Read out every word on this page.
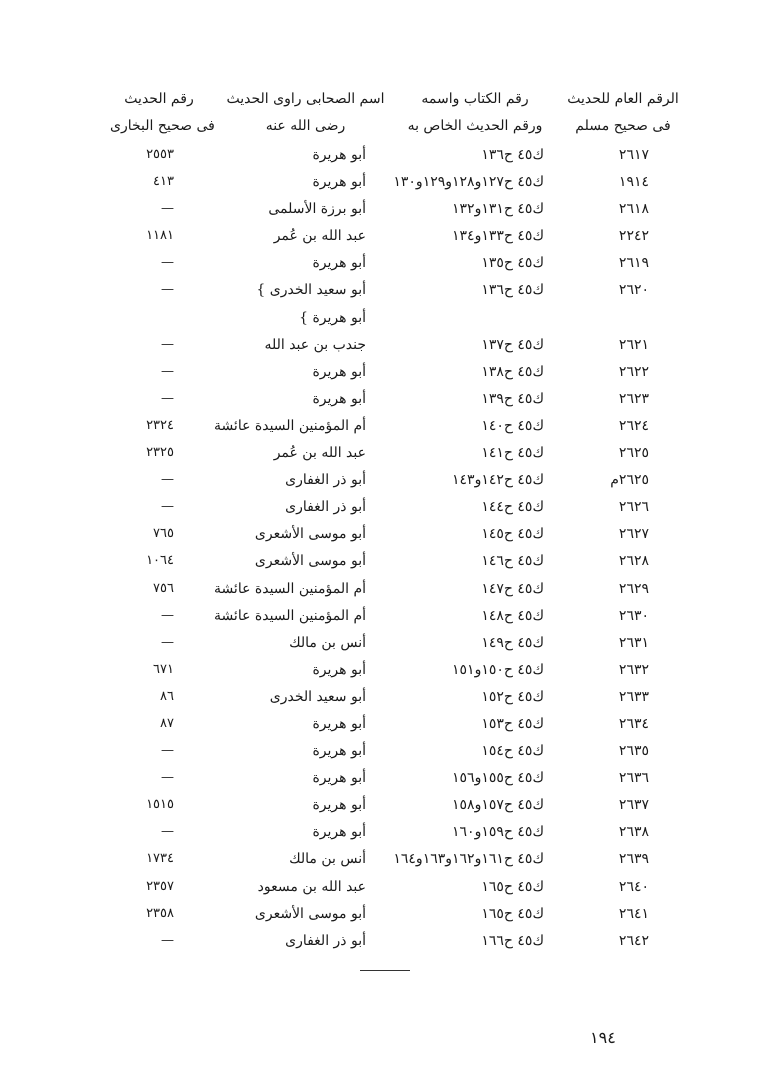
الرقم العام للحديث
فى صحيح مسلم
رقم الكتاب واسمه
ورقم الحديث الخاص به
اسم الصحابى راوى الحديث
رضى الله عنه
رقم الحديث
فى صحيح البخارى
٢٦١٧
ك٤٥ ح١٣٦
أبو هريرة
٢٥٥٣
١٩١٤
ك٤٥ ح١٢٧و١٢٨و١٢٩و١٣٠
أبو هريرة
٤١٣
٢٦١٨
ك٤٥ ح١٣١و١٣٢
أبو برزة الأسلمى
—
٢٢٤٢
ك٤٥ ح١٣٣و١٣٤
عبد الله بن عُمر
١١٨١
٢٦١٩
ك٤٥ ح١٣٥
أبو هريرة
—
٢٦٢٠
ك٤٥ ح١٣٦
أبو سعيد الخدرى }
—
أبو هريرة }
٢٦٢١
ك٤٥ ح١٣٧
جندب بن عبد الله
—
٢٦٢٢
ك٤٥ ح١٣٨
أبو هريرة
—
٢٦٢٣
ك٤٥ ح١٣٩
أبو هريرة
—
٢٦٢٤
ك٤٥ ح١٤٠
أم المؤمنين السيدة عائشة
٢٣٢٤
٢٦٢٥
ك٤٥ ح١٤١
عبد الله بن عُمر
٢٣٢٥
٢٦٢٥م
ك٤٥ ح١٤٢و١٤٣
أبو ذر الغفارى
—
٢٦٢٦
ك٤٥ ح١٤٤
أبو ذر الغفارى
—
٢٦٢٧
ك٤٥ ح١٤٥
أبو موسى الأشعرى
٧٦٥
٢٦٢٨
ك٤٥ ح١٤٦
أبو موسى الأشعرى
١٠٦٤
٢٦٢٩
ك٤٥ ح١٤٧
أم المؤمنين السيدة عائشة
٧٥٦
٢٦٣٠
ك٤٥ ح١٤٨
أم المؤمنين السيدة عائشة
—
٢٦٣١
ك٤٥ ح١٤٩
أنس بن مالك
—
٢٦٣٢
ك٤٥ ح١٥٠و١٥١
أبو هريرة
٦٧١
٢٦٣٣
ك٤٥ ح١٥٢
أبو سعيد الخدرى
٨٦
٢٦٣٤
ك٤٥ ح١٥٣
أبو هريرة
٨٧
٢٦٣٥
ك٤٥ ح١٥٤
أبو هريرة
—
٢٦٣٦
ك٤٥ ح١٥٥و١٥٦
أبو هريرة
—
٢٦٣٧
ك٤٥ ح١٥٧و١٥٨
أبو هريرة
١٥١٥
٢٦٣٨
ك٤٥ ح١٥٩و١٦٠
أبو هريرة
—
٢٦٣٩
ك٤٥ ح١٦١و١٦٢و١٦٣و١٦٤
أنس بن مالك
١٧٣٤
٢٦٤٠
ك٤٥ ح١٦٥
عبد الله بن مسعود
٢٣٥٧
٢٦٤١
ك٤٥ ح١٦٥
أبو موسى الأشعرى
٢٣٥٨
٢٦٤٢
ك٤٥ ح١٦٦
أبو ذر الغفارى
—
١٩٤
